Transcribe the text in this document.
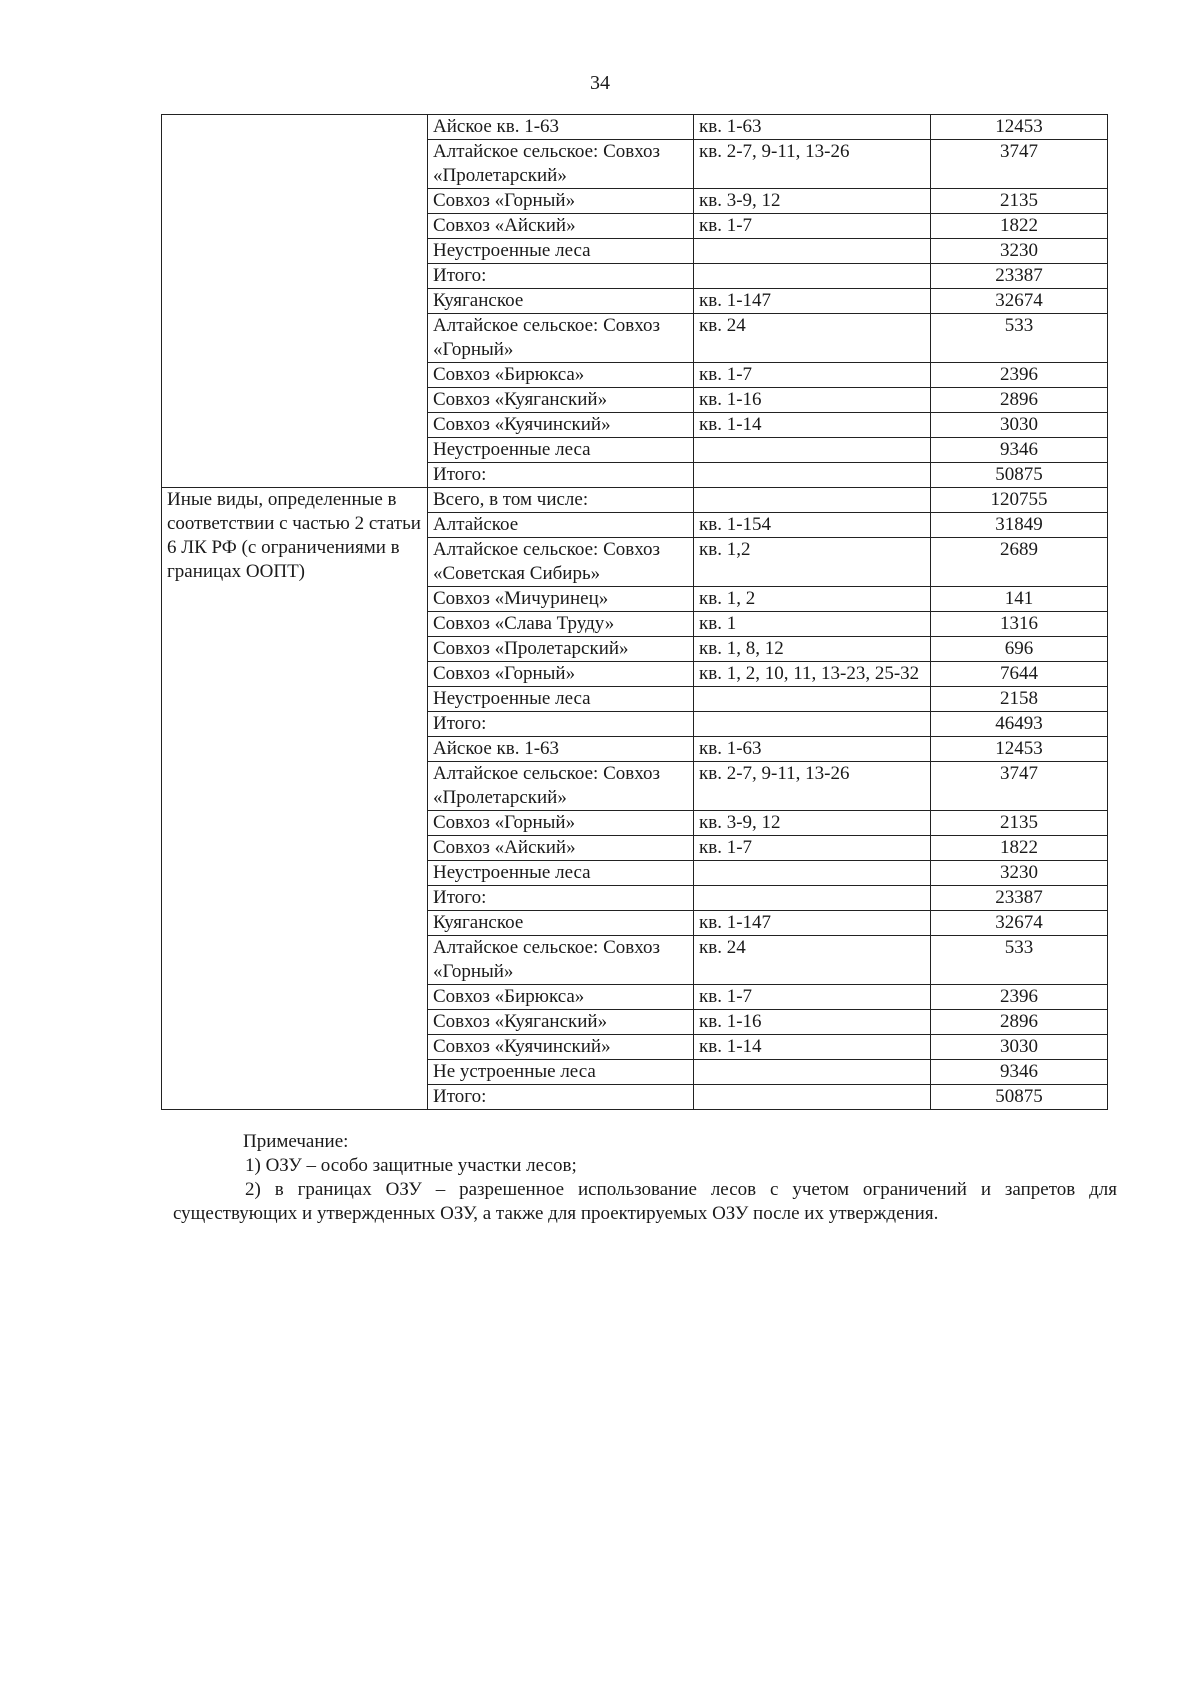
34
	Айское кв. 1-63	кв. 1-63	12453
	Алтайское сельское: Совхоз «Пролетарский»	кв. 2-7, 9-11, 13-26	3747
	Совхоз «Горный»	кв. 3-9, 12	2135
	Совхоз «Айский»	кв. 1-7	1822
	Неустроенные леса		3230
	Итого:		23387
	Куяганское	кв. 1-147	32674
	Алтайское сельское: Совхоз «Горный»	кв. 24	533
	Совхоз «Бирюкса»	кв. 1-7	2396
	Совхоз «Куяганский»	кв. 1-16	2896
	Совхоз «Куячинский»	кв. 1-14	3030
	Неустроенные леса		9346
	Итого:		50875
Иные виды, определенные в соответствии с частью 2 статьи 6 ЛК РФ (с ограничениями в границах ООПТ)	Всего, в том числе:		120755
	Алтайское	кв. 1-154	31849
	Алтайское сельское: Совхоз «Советская Сибирь»	кв. 1,2	2689
	Совхоз «Мичуринец»	кв. 1, 2	141
	Совхоз «Слава Труду»	кв. 1	1316
	Совхоз «Пролетарский»	кв. 1, 8, 12	696
	Совхоз «Горный»	кв. 1, 2, 10, 11, 13-23, 25-32	7644
	Неустроенные леса		2158
	Итого:		46493
	Айское кв. 1-63	кв. 1-63	12453
	Алтайское сельское: Совхоз «Пролетарский»	кв. 2-7, 9-11, 13-26	3747
	Совхоз «Горный»	кв. 3-9, 12	2135
	Совхоз «Айский»	кв. 1-7	1822
	Неустроенные леса		3230
	Итого:		23387
	Куяганское	кв. 1-147	32674
	Алтайское сельское: Совхоз «Горный»	кв. 24	533
	Совхоз «Бирюкса»	кв. 1-7	2396
	Совхоз «Куяганский»	кв. 1-16	2896
	Совхоз «Куячинский»	кв. 1-14	3030
	Не устроенные леса		9346
	Итого:		50875

Примечание:

1) ОЗУ – особо защитные участки лесов;

2) в границах ОЗУ – разрешенное использование лесов с учетом ограничений и запретов для существующих и утвержденных ОЗУ, а также для проектируемых ОЗУ после их утверждения.
